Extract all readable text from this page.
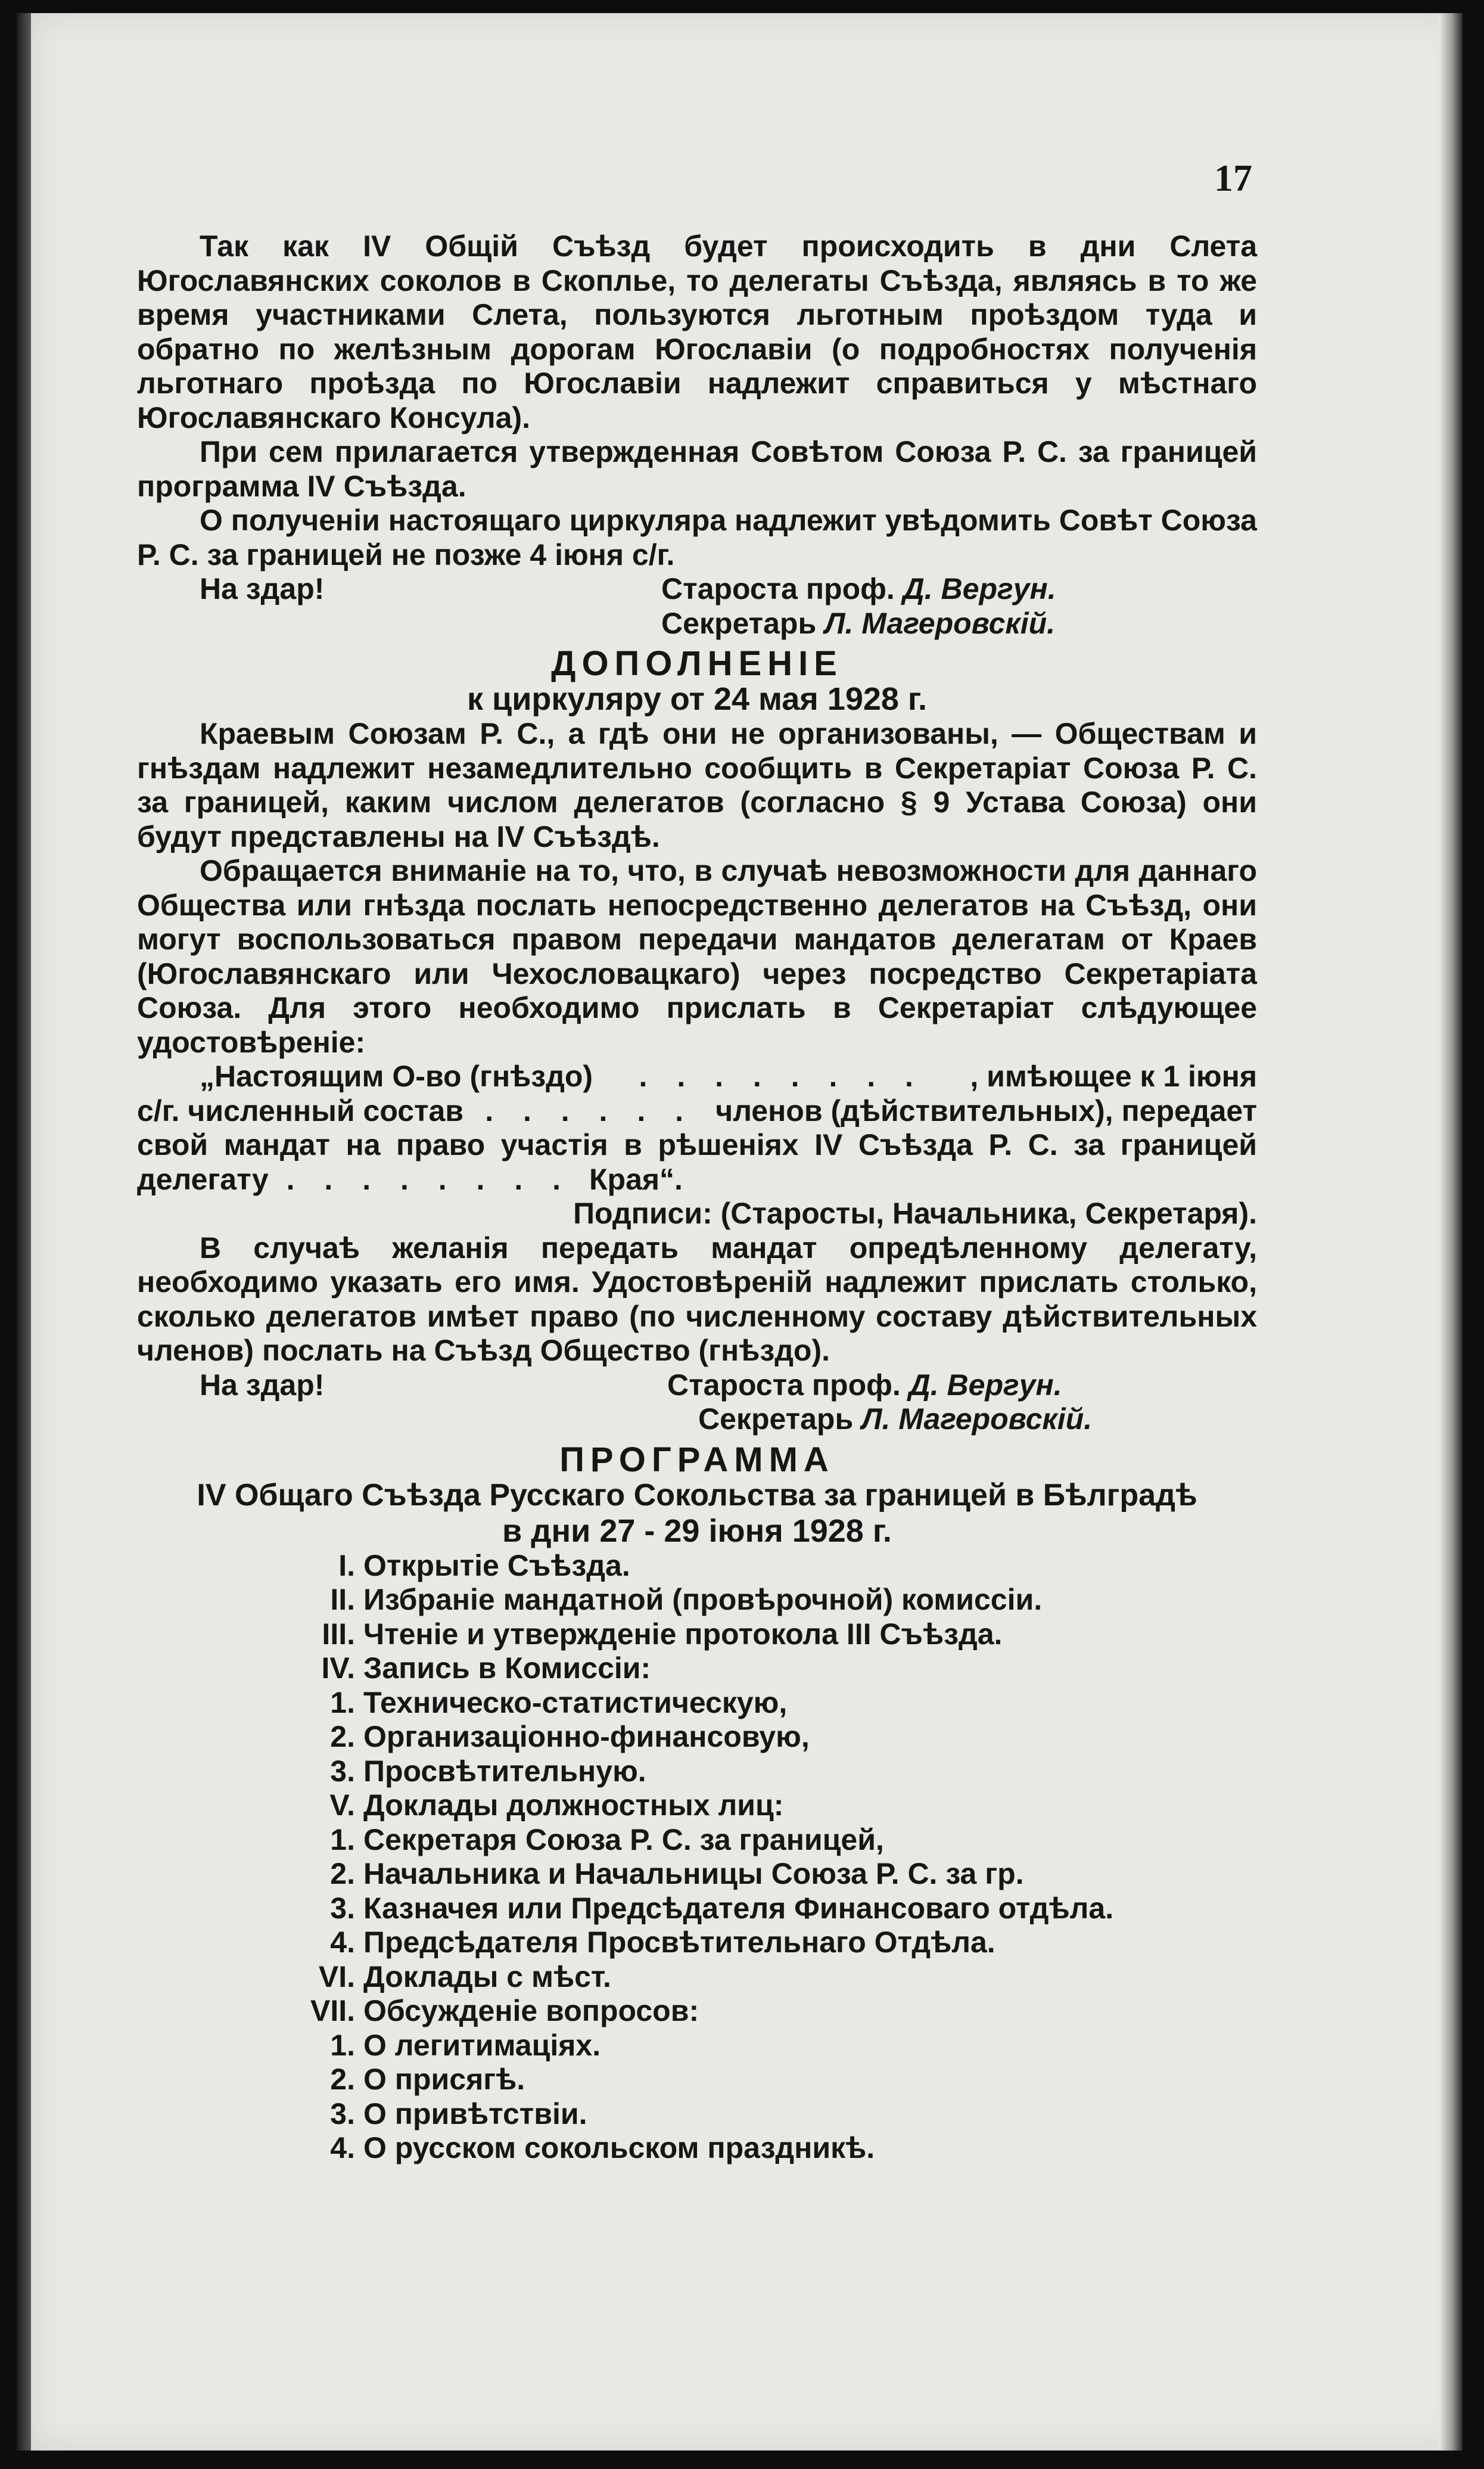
17

Так как IV Общій Съѣзд будет происходить в дни Слета Югославянских соколов в Скоплье, то делегаты Съѣзда, являясь в то же время участниками Слета, пользуются льготным проѣздом туда и обратно по желѣзным дорогам Югославіи (о подробностях полученія льготнаго проѣзда по Югославіи надлежит справиться у мѣстнаго Югославянскаго Консула).

При сем прилагается утвержденная Совѣтом Союза Р. С. за границей программа IV Съѣзда.

О полученіи настоящаго циркуляра надлежит увѣдомить Совѣт Союза Р. С. за границей не позже 4 іюня с/г.

На здар!	Староста проф. Д. Вергун.
Секретарь Л. Магеровскій.
ДОПОЛНЕНІЕ
к циркуляру от 24 мая 1928 г.

Краевым Союзам Р. С., а гдѣ они не организованы, — Обществам и гнѣздам надлежит незамедлительно сообщить в Секретаріат Союза Р. С. за границей, каким числом делегатов (согласно § 9 Устава Союза) они будут представлены на IV Съѣздѣ.

Обращается вниманіе на то, что, в случаѣ невозможности для даннаго Общества или гнѣзда послать непосредственно делегатов на Съѣзд, они могут воспользоваться правом передачи мандатов делегатам от Краев (Югославянскаго или Чехословацкаго) через посредство Секретаріата Союза. Для этого необходимо прислать в Секретаріат слѣдующее удостовѣреніе:

„Настоящим О-во (гнѣздо) . . . . . . . . , имѣющее к 1 іюня
с/г. численный состав . . . . . . членов (дѣйствительных), передает
свой мандат на право участія в рѣшеніях IV Съѣзда Р. С. за границей
делегату . . . . . . . . Края“.
Подписи: (Старосты, Начальника, Секретаря).

В случаѣ желанія передать мандат опредѣленному делегату, необходимо указать его имя. Удостовѣреній надлежит прислать столько, сколько делегатов имѣет право (по численному составу дѣйствительных членов) послать на Съѣзд Общество (гнѣздо).

На здар!	Староста проф. Д. Вергун.
Секретарь Л. Магеровскій.
ПРОГРАММА
IV Общаго Съѣзда Русскаго Сокольства за границей в Бѣлградѣ
в дни 27 - 29 іюня 1928 г.
I. Открытіе Съѣзда.
II. Избраніе мандатной (провѣрочной) комиссіи.
III. Чтеніе и утвержденіе протокола III Съѣзда.
IV. Запись в Комиссіи:
1. Техническо-статистическую,
2. Организаціонно-финансовую,
3. Просвѣтительную.
V. Доклады должностных лиц:
1. Секретаря Союза Р. С. за границей,
2. Начальника и Начальницы Союза Р. С. за гр.
3. Казначея или Предсѣдателя Финансоваго отдѣла.
4. Предсѣдателя Просвѣтительнаго Отдѣла.
VI. Доклады с мѣст.
VII. Обсужденіе вопросов:
1. О легитимаціях.
2. О присягѣ.
3. О привѣтствіи.
4. О русском сокольском праздникѣ.
